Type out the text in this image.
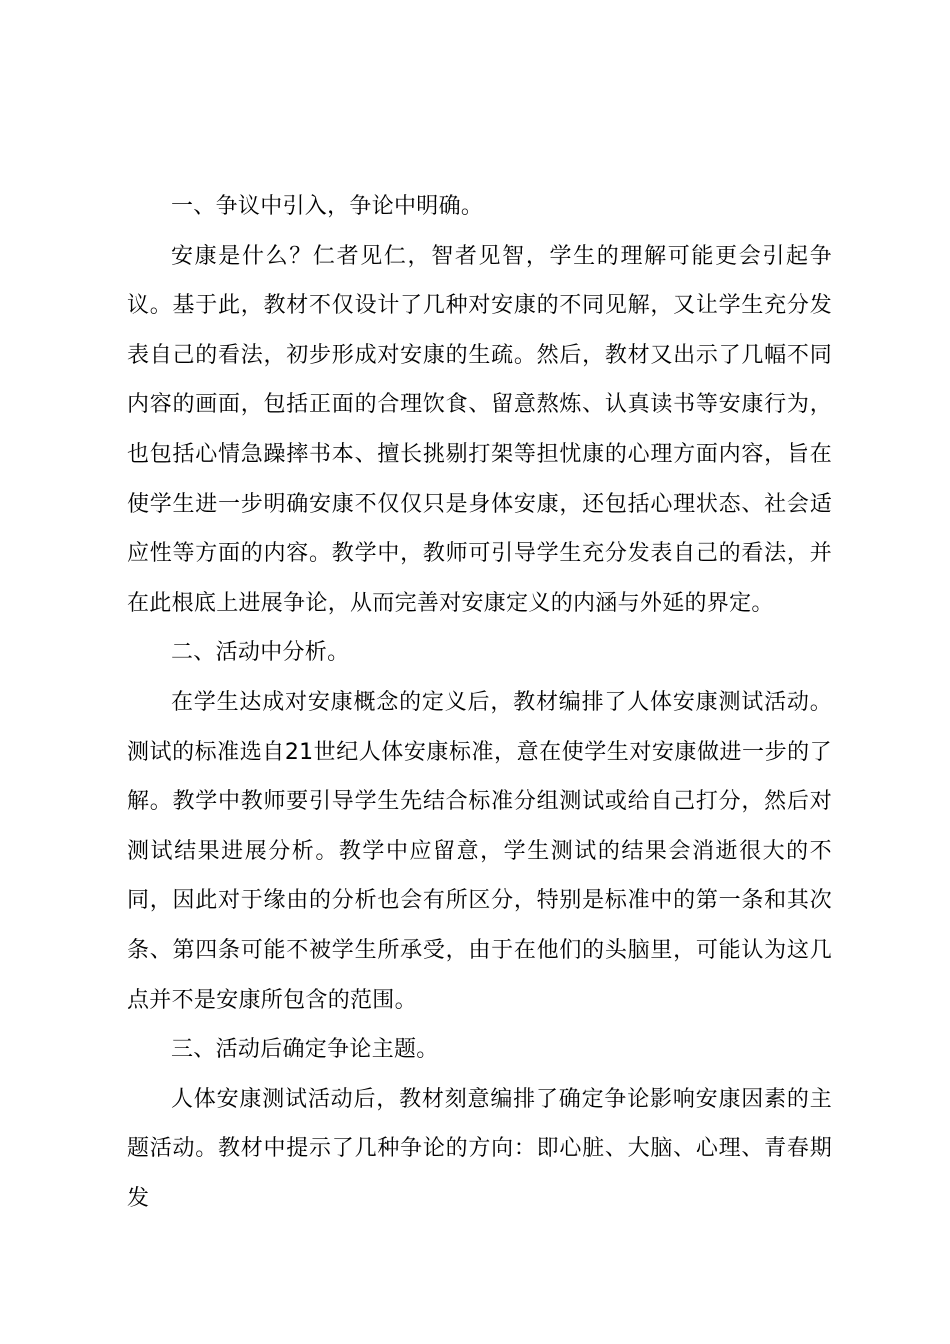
一、争议中引入，争论中明确。

安康是什么？仁者见仁，智者见智，学生的理解可能更会引起争议。基于此，教材不仅设计了几种对安康的不同见解，又让学生充分发表自己的看法，初步形成对安康的生疏。然后，教材又出示了几幅不同内容的画面，包括正面的合理饮食、留意熬炼、认真读书等安康行为，也包括心情急躁摔书本、擅长挑剔打架等担忧康的心理方面内容，旨在使学生进一步明确安康不仅仅只是身体安康，还包括心理状态、社会适应性等方面的内容。教学中，教师可引导学生充分发表自己的看法，并在此根底上进展争论，从而完善对安康定义的内涵与外延的界定。

二、活动中分析。

在学生达成对安康概念的定义后，教材编排了人体安康测试活动。测试的标准选自21世纪人体安康标准，意在使学生对安康做进一步的了解。教学中教师要引导学生先结合标准分组测试或给自己打分，然后对测试结果进展分析。教学中应留意，学生测试的结果会消逝很大的不同，因此对于缘由的分析也会有所区分，特别是标准中的第一条和其次条、第四条可能不被学生所承受，由于在他们的头脑里，可能认为这几点并不是安康所包含的范围。

三、活动后确定争论主题。

人体安康测试活动后，教材刻意编排了确定争论影响安康因素的主题活动。教材中提示了几种争论的方向：即心脏、大脑、心理、青春期发
